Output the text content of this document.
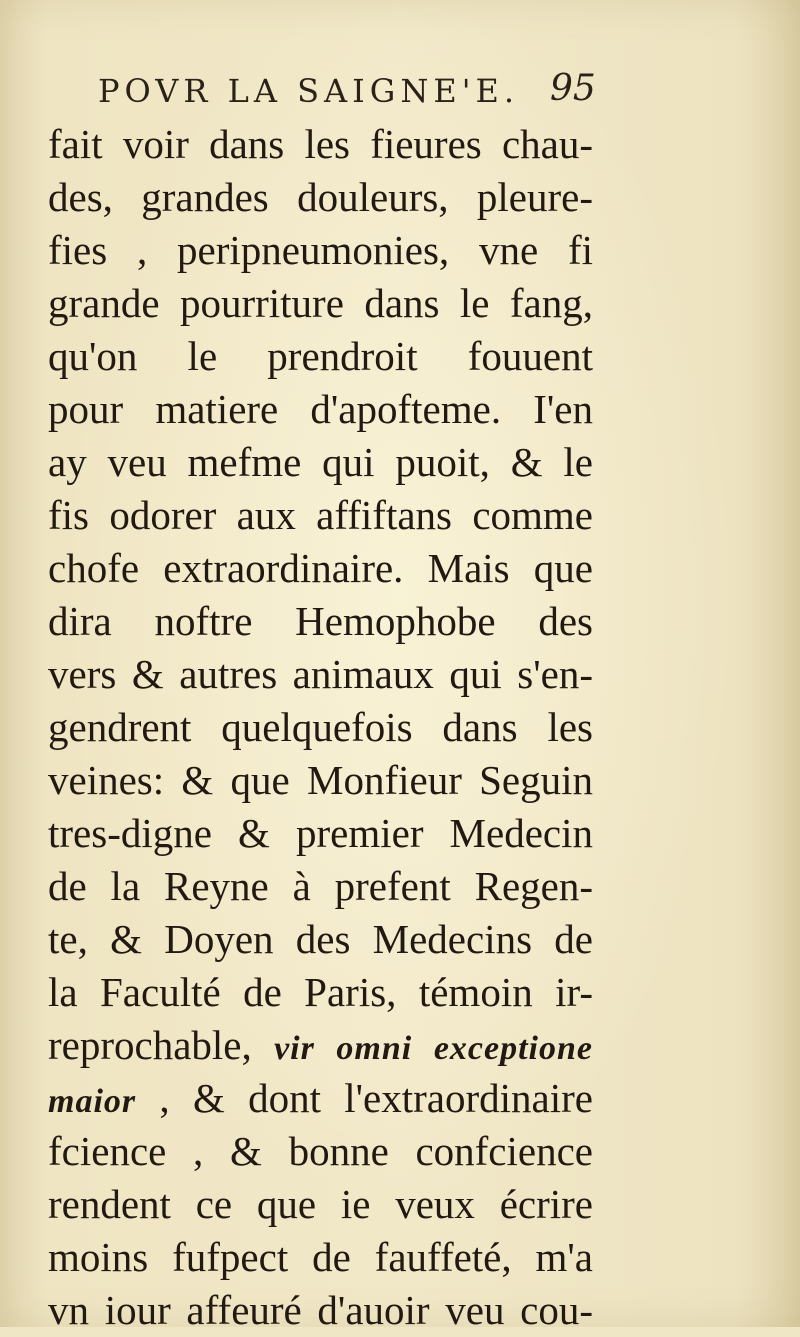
POVR LA SAIGNE'E. 95
fait voir dans les fieures chau-
des, grandes douleurs, pleure-
fies , peripneumonies, vne fi
grande pourriture dans le fang,
qu'on le prendroit fouuent
pour matiere d'apofteme. I'en
ay veu mefme qui puoit, & le
fis odorer aux affiftans comme
chofe extraordinaire. Mais que
dira noftre Hemophobe des
vers & autres animaux qui s'en-
gendrent quelquefois dans les
veines: & que Monfieur Seguin
tres-digne & premier Medecin
de la Reyne à prefent Regen-
te, & Doyen des Medecins de
la Faculté de Paris, témoin ir-
reprochable, vir omni exceptione
maior , & dont l'extraordinaire
fcience , & bonne confcience
rendent ce que ie veux écrire
moins fufpect de fauffeté, m'a
vn iour affeuré d'auoir veu cou-
